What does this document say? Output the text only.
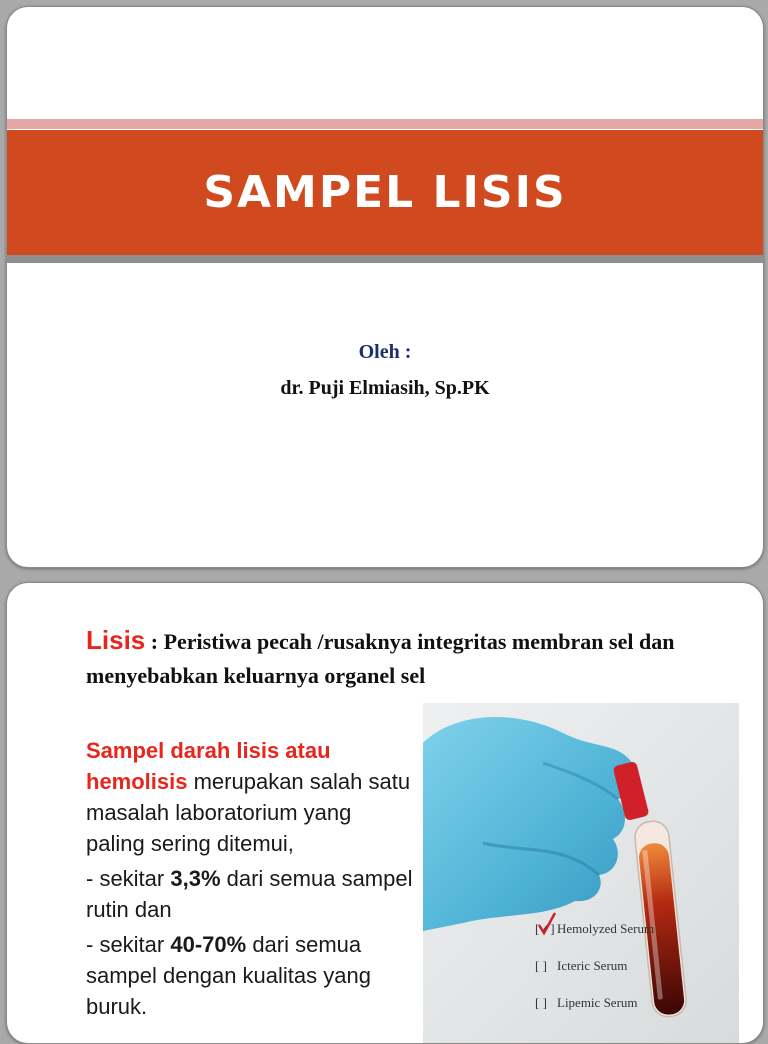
SAMPEL LISIS
Oleh :
dr. Puji Elmiasih, Sp.PK
Lisis : Peristiwa pecah /rusaknya integritas membran sel dan menyebabkan keluarnya organel sel
Sampel darah lisis atau hemolisis merupakan salah satu masalah laboratorium yang paling sering ditemui,
- sekitar 3,3% dari semua sampel rutin dan
- sekitar 40-70% dari semua sampel dengan kualitas yang buruk.
[✓] Hemolyzed Serum
[ ] Icteric Serum
[ ] Lipemic Serum
